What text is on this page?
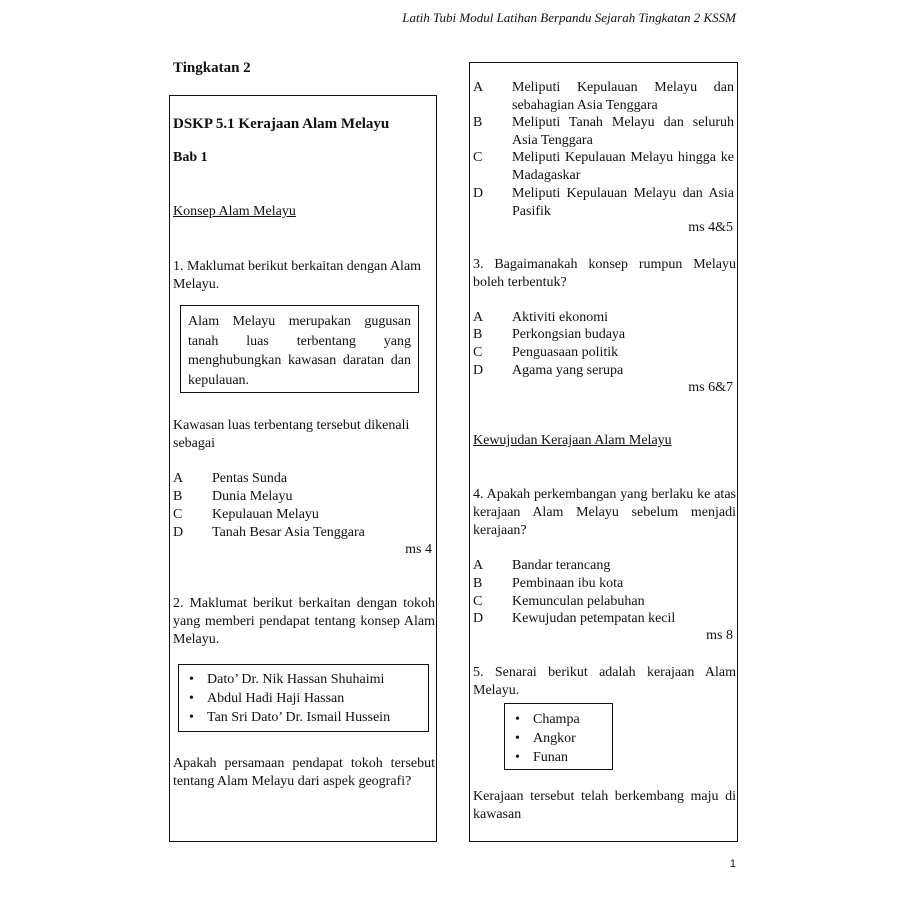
Latih Tubi Modul Latihan Berpandu Sejarah Tingkatan 2 KSSM
Tingkatan 2
DSKP 5.1 Kerajaan Alam Melayu
Bab 1
Konsep Alam Melayu
1. Maklumat berikut berkaitan dengan Alam Melayu.
Alam Melayu merupakan gugusan tanah luas terbentang yang menghubungkan kawasan daratan dan kepulauan.
Kawasan luas terbentang tersebut dikenali sebagai
A	Pentas Sunda
B	Dunia Melayu
C	Kepulauan Melayu
D	Tanah Besar Asia Tenggara
ms 4
2. Maklumat berikut berkaitan dengan tokoh yang memberi pendapat tentang konsep Alam Melayu.
• Dato’ Dr. Nik Hassan Shuhaimi
• Abdul Hadi Haji Hassan
• Tan Sri Dato’ Dr. Ismail Hussein
Apakah persamaan pendapat tokoh tersebut tentang Alam Melayu dari aspek geografi?
A	Meliputi Kepulauan Melayu dan sebahagian Asia Tenggara
B	Meliputi Tanah Melayu dan seluruh Asia Tenggara
C	Meliputi Kepulauan Melayu hingga ke Madagaskar
D	Meliputi Kepulauan Melayu dan Asia Pasifik
ms 4&5
3. Bagaimanakah konsep rumpun Melayu boleh terbentuk?
A	Aktiviti ekonomi
B	Perkongsian budaya
C	Penguasaan politik
D	Agama yang serupa
ms 6&7
Kewujudan Kerajaan Alam Melayu
4. Apakah perkembangan yang berlaku ke atas kerajaan Alam Melayu sebelum menjadi kerajaan?
A	Bandar terancang
B	Pembinaan ibu kota
C	Kemunculan pelabuhan
D	Kewujudan petempatan kecil
ms 8
5. Senarai berikut adalah kerajaan Alam Melayu.
• Champa
• Angkor
• Funan
Kerajaan tersebut telah berkembang maju di kawasan
1
